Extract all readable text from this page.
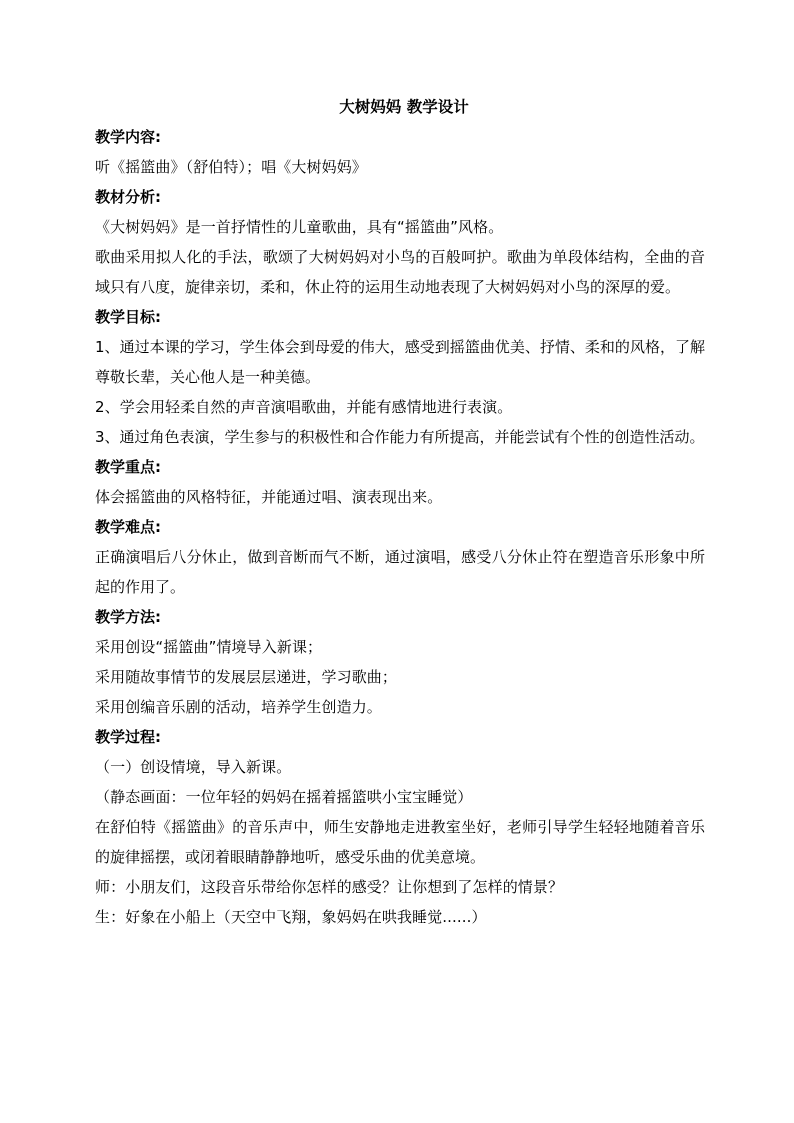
大树妈妈 教学设计

教学内容:

听《摇篮曲》（舒伯特）；唱《大树妈妈》

教材分析:

《大树妈妈》是一首抒情性的儿童歌曲，具有“摇篮曲”风格。

歌曲采用拟人化的手法，歌颂了大树妈妈对小鸟的百般呵护。歌曲为单段体结构，全曲的音域只有八度，旋律亲切，柔和，休止符的运用生动地表现了大树妈妈对小鸟的深厚的爱。

教学目标:

1、通过本课的学习，学生体会到母爱的伟大，感受到摇篮曲优美、抒情、柔和的风格，了解尊敬长辈，关心他人是一种美德。

2、学会用轻柔自然的声音演唱歌曲，并能有感情地进行表演。

3、通过角色表演，学生参与的积极性和合作能力有所提高，并能尝试有个性的创造性活动。

教学重点:

体会摇篮曲的风格特征，并能通过唱、演表现出来。

教学难点:

正确演唱后八分休止，做到音断而气不断，通过演唱，感受八分休止符在塑造音乐形象中所起的作用了。

教学方法:

采用创设“摇篮曲”情境导入新课；

采用随故事情节的发展层层递进，学习歌曲；

采用创编音乐剧的活动，培养学生创造力。

教学过程:

（一）创设情境，导入新课。

（静态画面：一位年轻的妈妈在摇着摇篮哄小宝宝睡觉）

在舒伯特《摇篮曲》的音乐声中，师生安静地走进教室坐好，老师引导学生轻轻地随着音乐的旋律摇摆，或闭着眼睛静静地听，感受乐曲的优美意境。

师：小朋友们，这段音乐带给你怎样的感受？让你想到了怎样的情景？

生：好象在小船上（天空中飞翔，象妈妈在哄我睡觉......）
